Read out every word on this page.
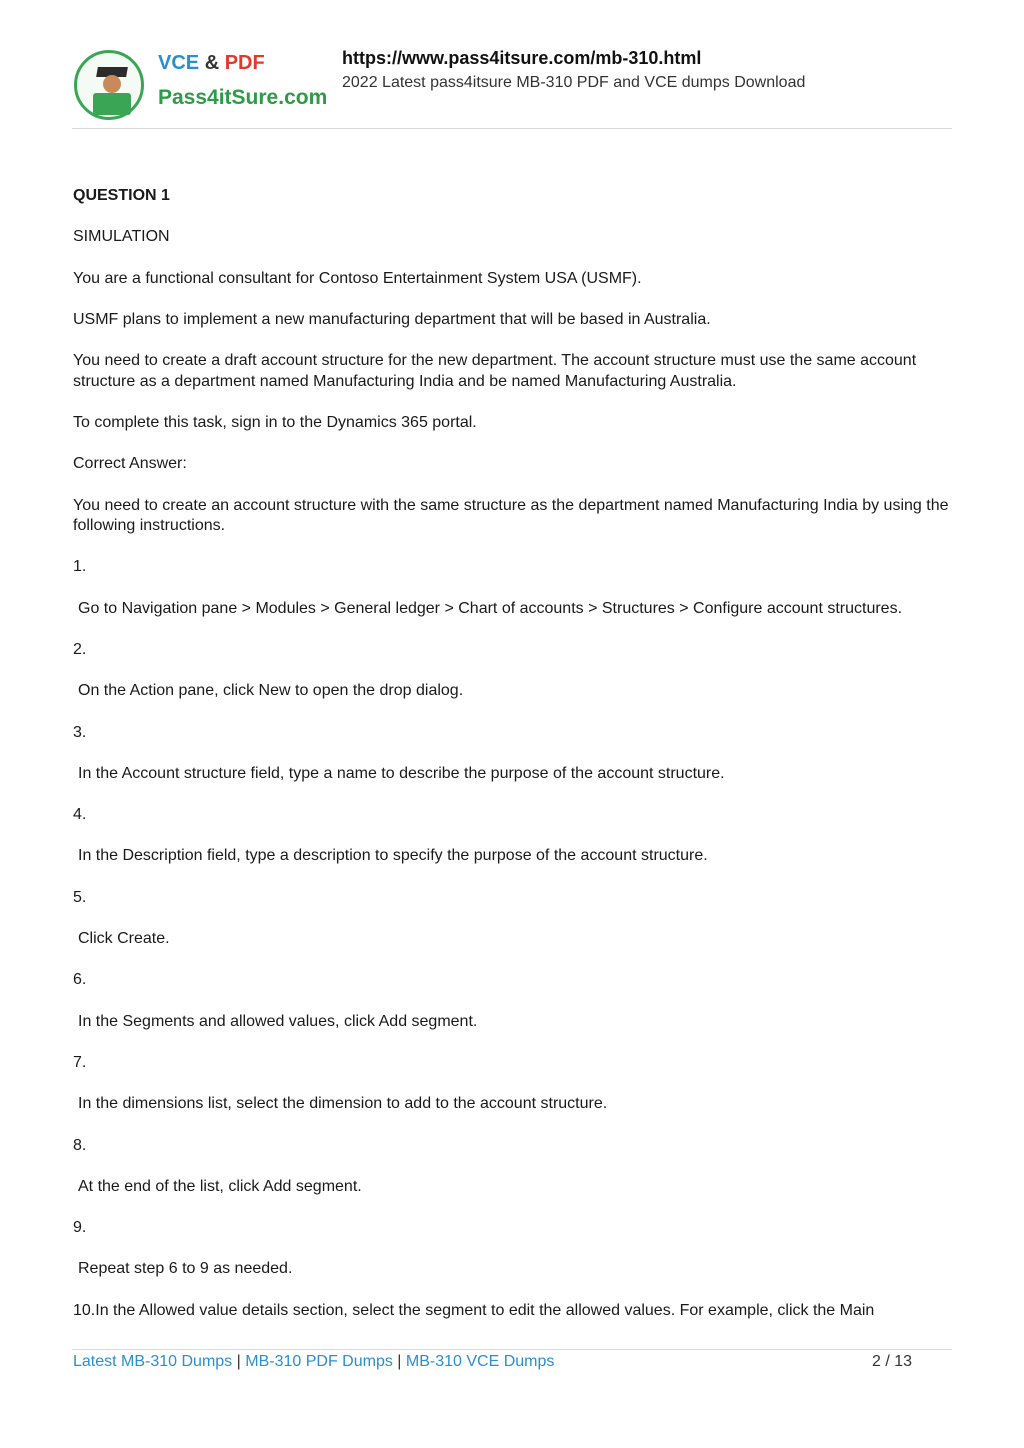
VCE & PDF
Pass4itSure.com
https://www.pass4itsure.com/mb-310.html
2022 Latest pass4itsure MB-310 PDF and VCE dumps Download

QUESTION 1

SIMULATION

You are a functional consultant for Contoso Entertainment System USA (USMF).

USMF plans to implement a new manufacturing department that will be based in Australia.

You need to create a draft account structure for the new department. The account structure must use the same account structure as a department named Manufacturing India and be named Manufacturing Australia.

To complete this task, sign in to the Dynamics 365 portal.

Correct Answer:

You need to create an account structure with the same structure as the department named Manufacturing India by using the following instructions.

1.

Go to Navigation pane > Modules > General ledger > Chart of accounts > Structures > Configure account structures.

2.

On the Action pane, click New to open the drop dialog.

3.

In the Account structure field, type a name to describe the purpose of the account structure.

4.

In the Description field, type a description to specify the purpose of the account structure.

5.

Click Create.

6.

In the Segments and allowed values, click Add segment.

7.

In the dimensions list, select the dimension to add to the account structure.

8.

At the end of the list, click Add segment.

9.

Repeat step 6 to 9 as needed.

10.In the Allowed value details section, select the segment to edit the allowed values. For example, click the Main

Latest MB-310 Dumps | MB-310 PDF Dumps | MB-310 VCE Dumps	2 / 13
